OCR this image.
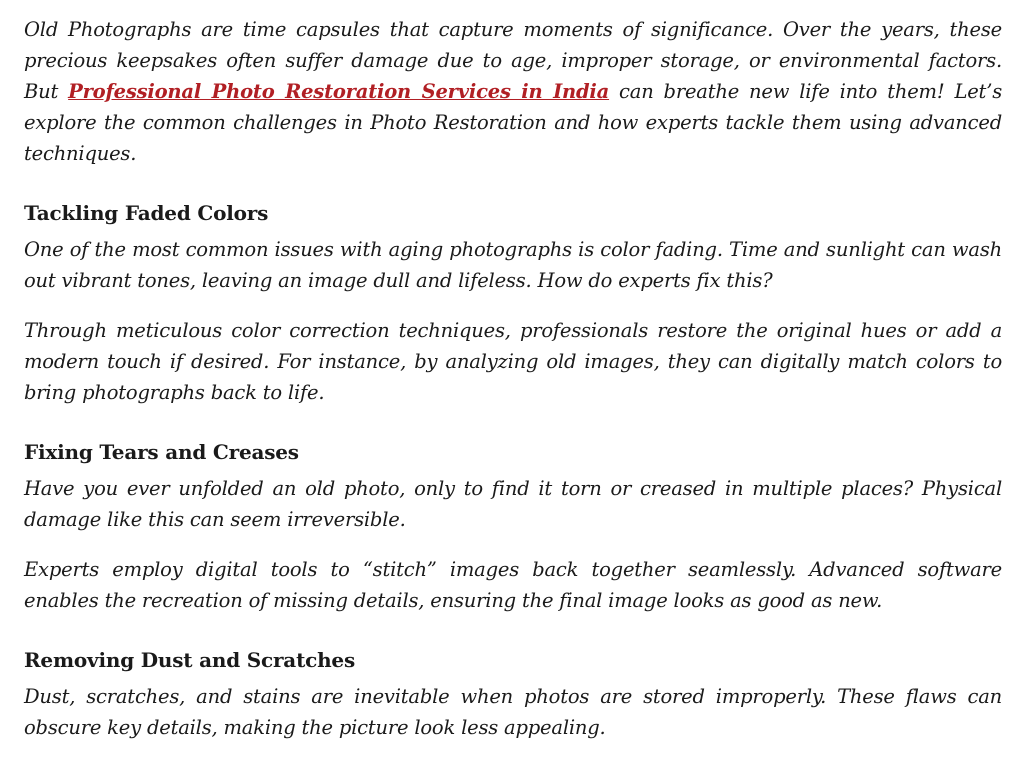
Old Photographs are time capsules that capture moments of significance. Over the years, these precious keepsakes often suffer damage due to age, improper storage, or environmental factors. But Professional Photo Restoration Services in India can breathe new life into them! Let’s explore the common challenges in Photo Restoration and how experts tackle them using advanced techniques.

Tackling Faded Colors

One of the most common issues with aging photographs is color fading. Time and sunlight can wash out vibrant tones, leaving an image dull and lifeless. How do experts fix this?

Through meticulous color correction techniques, professionals restore the original hues or add a modern touch if desired. For instance, by analyzing old images, they can digitally match colors to bring photographs back to life.

Fixing Tears and Creases

Have you ever unfolded an old photo, only to find it torn or creased in multiple places? Physical damage like this can seem irreversible.

Experts employ digital tools to “stitch” images back together seamlessly. Advanced software enables the recreation of missing details, ensuring the final image looks as good as new.

Removing Dust and Scratches

Dust, scratches, and stains are inevitable when photos are stored improperly. These flaws can obscure key details, making the picture look less appealing.
